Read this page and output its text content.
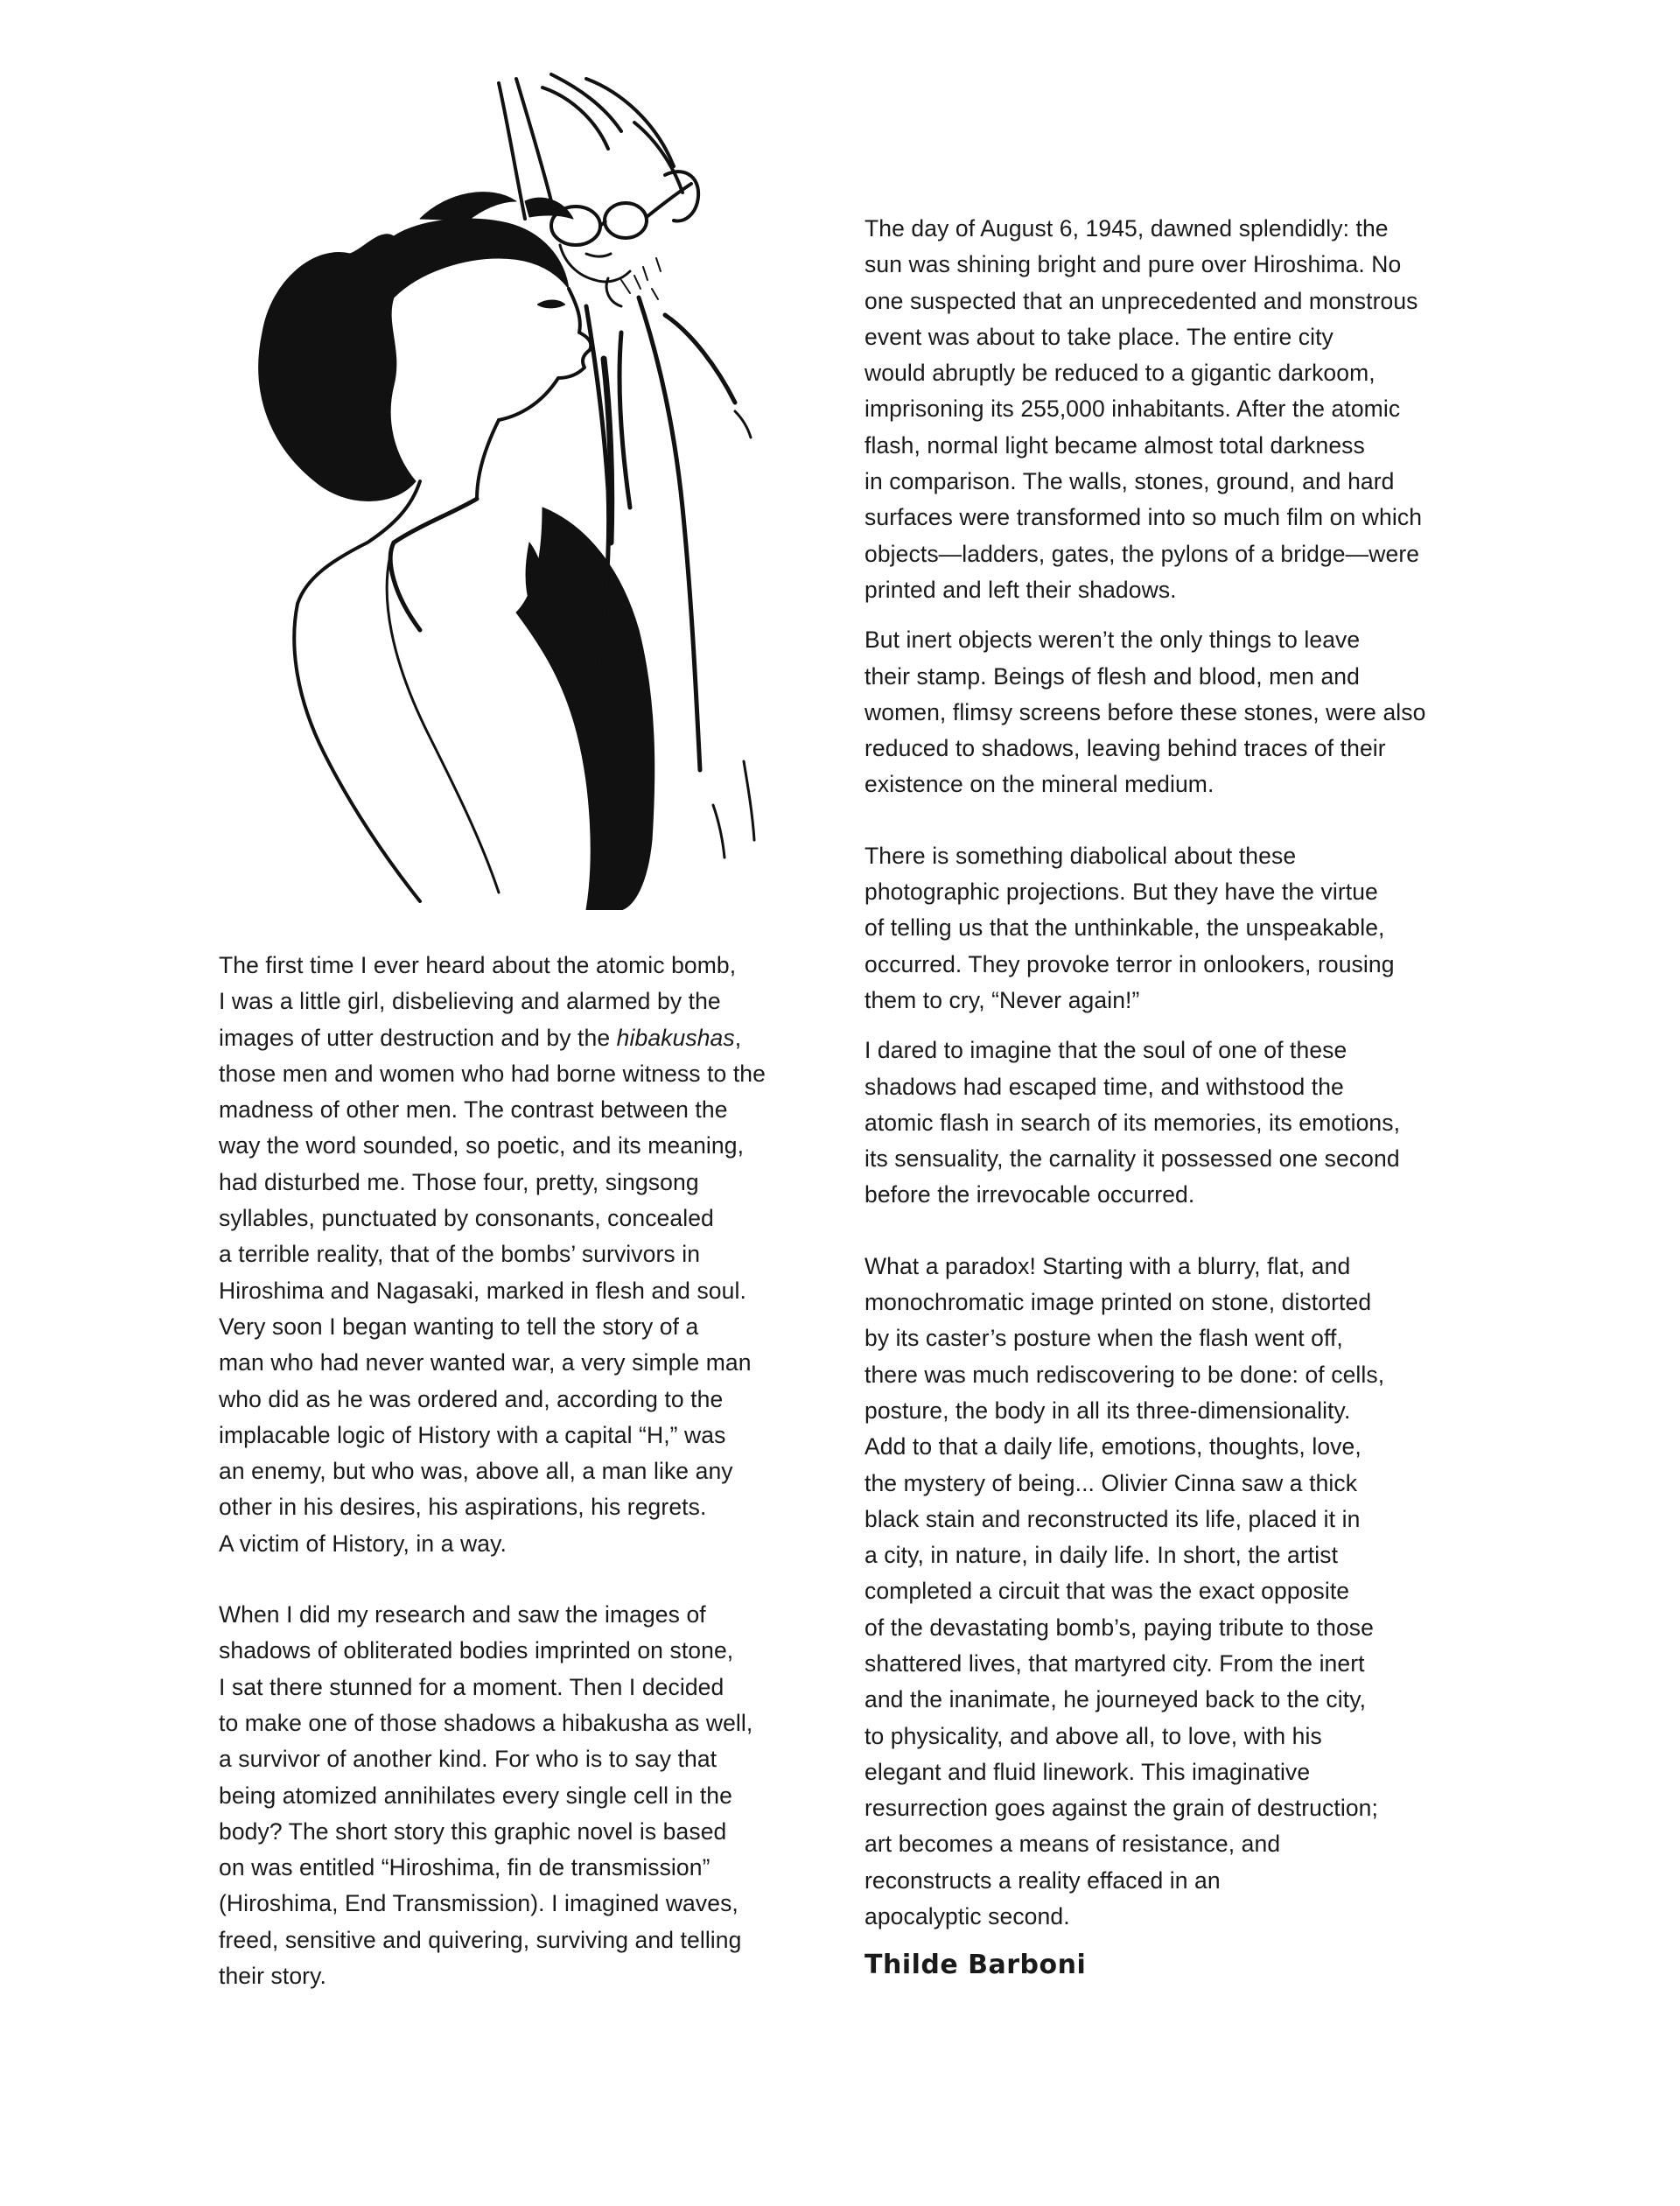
The first time I ever heard about the atomic bomb,
I was a little girl, disbelieving and alarmed by the
images of utter destruction and by the hibakushas,
those men and women who had borne witness to the
madness of other men. The contrast between the
way the word sounded, so poetic, and its meaning,
had disturbed me. Those four, pretty, singsong
syllables, punctuated by consonants, concealed
a terrible reality, that of the bombs’ survivors in
Hiroshima and Nagasaki, marked in flesh and soul.
Very soon I began wanting to tell the story of a
man who had never wanted war, a very simple man
who did as he was ordered and, according to the
implacable logic of History with a capital “H,” was
an enemy, but who was, above all, a man like any
other in his desires, his aspirations, his regrets.
A victim of History, in a way.

When I did my research and saw the images of
shadows of obliterated bodies imprinted on stone,
I sat there stunned for a moment. Then I decided
to make one of those shadows a hibakusha as well,
a survivor of another kind. For who is to say that
being atomized annihilates every single cell in the
body? The short story this graphic novel is based
on was entitled “Hiroshima, fin de transmission”
(Hiroshima, End Transmission). I imagined waves,
freed, sensitive and quivering, surviving and telling
their story.

The day of August 6, 1945, dawned splendidly: the
sun was shining bright and pure over Hiroshima. No
one suspected that an unprecedented and monstrous
event was about to take place. The entire city
would abruptly be reduced to a gigantic darkoom,
imprisoning its 255,000 inhabitants. After the atomic
flash, normal light became almost total darkness
in comparison. The walls, stones, ground, and hard
surfaces were transformed into so much film on which
objects—ladders, gates, the pylons of a bridge—were
printed and left their shadows.

But inert objects weren’t the only things to leave
their stamp. Beings of flesh and blood, men and
women, flimsy screens before these stones, were also
reduced to shadows, leaving behind traces of their
existence on the mineral medium.

There is something diabolical about these
photographic projections. But they have the virtue
of telling us that the unthinkable, the unspeakable,
occurred. They provoke terror in onlookers, rousing
them to cry, “Never again!”

I dared to imagine that the soul of one of these
shadows had escaped time, and withstood the
atomic flash in search of its memories, its emotions,
its sensuality, the carnality it possessed one second
before the irrevocable occurred.

What a paradox! Starting with a blurry, flat, and
monochromatic image printed on stone, distorted
by its caster’s posture when the flash went off,
there was much rediscovering to be done: of cells,
posture, the body in all its three-dimensionality.
Add to that a daily life, emotions, thoughts, love,
the mystery of being... Olivier Cinna saw a thick
black stain and reconstructed its life, placed it in
a city, in nature, in daily life. In short, the artist
completed a circuit that was the exact opposite
of the devastating bomb’s, paying tribute to those
shattered lives, that martyred city. From the inert
and the inanimate, he journeyed back to the city,
to physicality, and above all, to love, with his
elegant and fluid linework. This imaginative
resurrection goes against the grain of destruction;
art becomes a means of resistance, and
reconstructs a reality effaced in an
apocalyptic second.

Thilde Barboni
